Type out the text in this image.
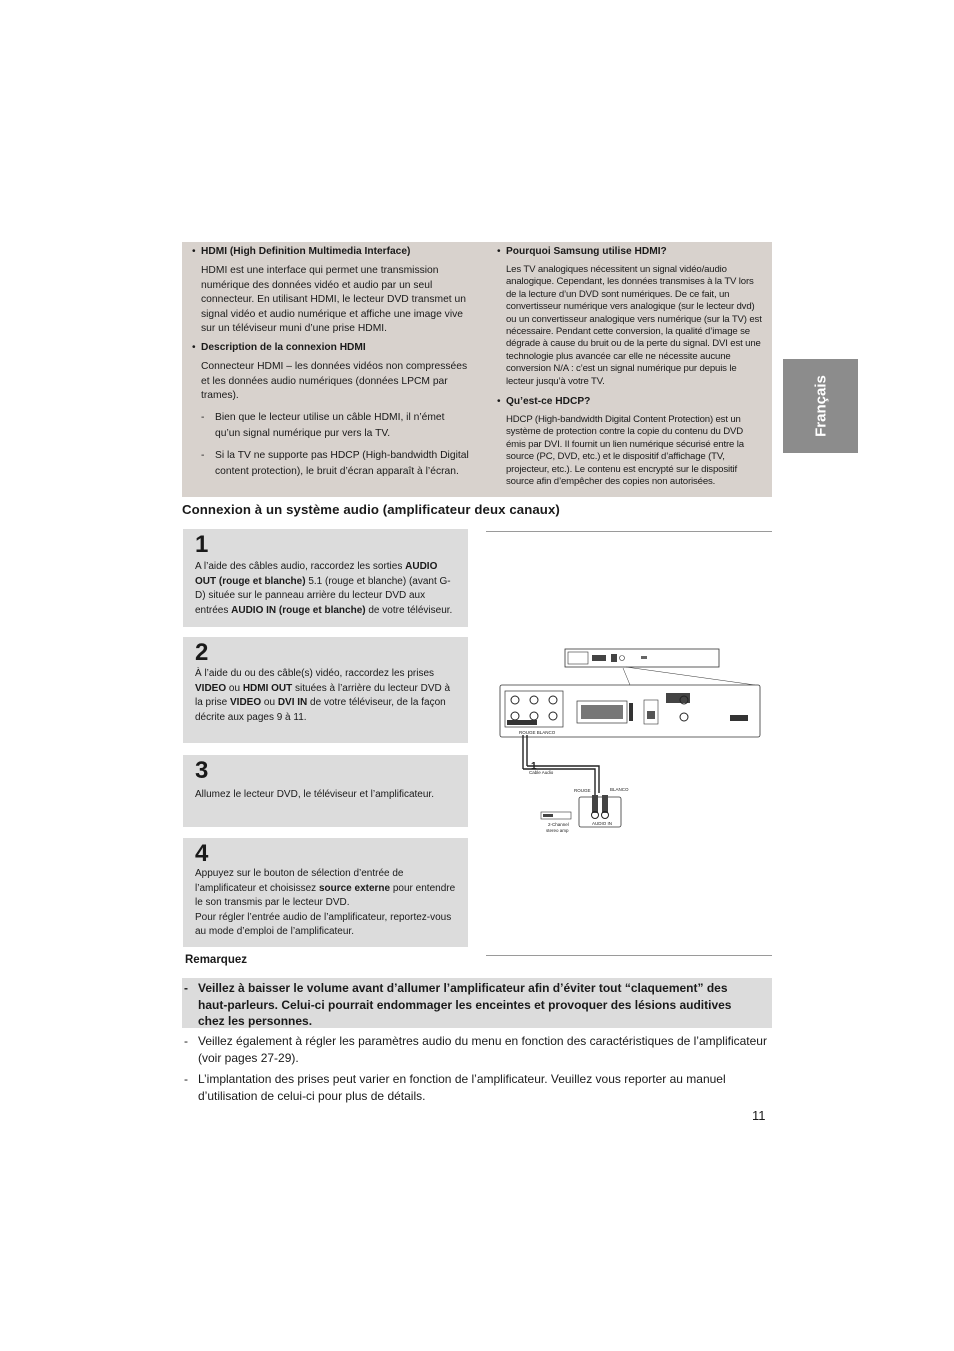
• HDMI (High Definition Multimedia Interface)
HDMI est une interface qui permet une transmission numérique des données vidéo et audio par un seul connecteur. En utilisant HDMI, le lecteur DVD transmet un signal vidéo et audio numérique et affiche une image vive sur un téléviseur muni d’une prise HDMI.
• Description de la connexion HDMI
Connecteur HDMI – les données vidéos non compressées et les données audio numériques (données LPCM par trames).
- Bien que le lecteur utilise un câble HDMI, il n’émet qu’un signal numérique pur vers la TV.
- Si la TV ne supporte pas HDCP (High-bandwidth Digital content protection), le bruit d’écran apparaît à l’écran.
• Pourquoi Samsung utilise HDMI?
Les TV analogiques nécessitent un signal vidéo/audio analogique. Cependant, les données transmises à la TV lors de la lecture d’un DVD sont numériques. De ce fait, un convertisseur numérique vers analogique (sur le lecteur dvd) ou un convertisseur analogique vers numérique (sur la TV) est nécessaire. Pendant cette conversion, la qualité d’image se dégrade à cause du bruit ou de la perte du signal. DVI est une technologie plus avancée car elle ne nécessite aucune conversion N/A : c’est un signal numérique pur depuis le lecteur jusqu’à votre TV.
• Qu’est-ce HDCP?
HDCP (High-bandwidth Digital Content Protection) est un système de protection contre la copie du contenu du DVD émis par DVI. Il fournit un lien numérique sécurisé entre la source (PC, DVD, etc.) et le dispositif d’affichage (TV, projecteur, etc.). Le contenu est encrypté sur le dispositif source afin d’empêcher des copies non autorisées.
Français
Connexion à un système audio (amplificateur deux canaux)
1
A l’aide des câbles audio, raccordez les sorties AUDIO OUT (rouge et blanche) 5.1 (rouge et blanche) (avant G-D) située sur le panneau arrière du lecteur DVD aux entrées AUDIO IN (rouge et blanche) de votre téléviseur.
2
À l’aide du ou des câble(s) vidéo, raccordez les prises VIDEO ou HDMI OUT situées à l’arrière du lecteur DVD à la prise VIDEO ou DVI IN de votre téléviseur, de la façon décrite aux pages 9 à 11.
3
Allumez le lecteur DVD, le téléviseur et l’amplificateur.
4
Appuyez sur le bouton de sélection d’entrée de l’amplificateur et choisissez source externe pour entendre le son transmis par le lecteur DVD.
Pour régler l’entrée audio de l’amplificateur, reportez-vous au mode d’emploi de l’amplificateur.
ROUGE BLANCO
1
Cable Audio
ROUGE	BLANCO
2-Channel
stereo amp
AUDIO IN
Remarquez
- Veillez à baisser le volume avant d’allumer l’amplificateur afin d’éviter tout “claquement” des haut-parleurs. Celui-ci pourrait endommager les enceintes et provoquer des lésions auditives chez les personnes.
- Veillez également à régler les paramètres audio du menu en fonction des caractéristiques de l’amplificateur (voir pages 27-29).
- L’implantation des prises peut varier en fonction de l’amplificateur. Veuillez vous reporter au manuel d’utilisation de celui-ci pour plus de détails.
11
